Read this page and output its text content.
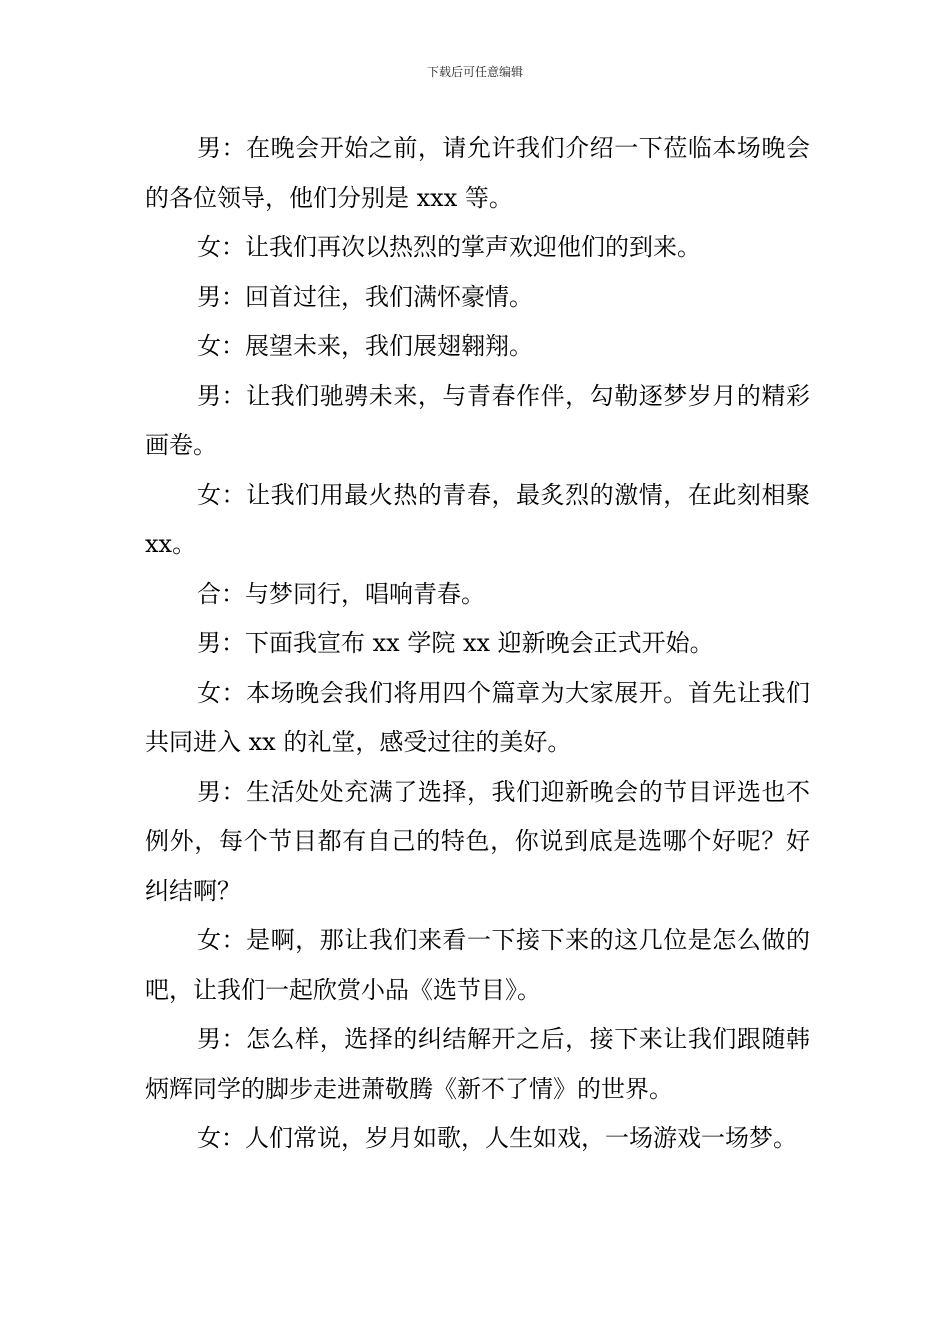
下载后可任意编辑

男：在晚会开始之前，请允许我们介绍一下莅临本场晚会的各位领导，他们分别是 xxx 等。

女：让我们再次以热烈的掌声欢迎他们的到来。

男：回首过往，我们满怀豪情。

女：展望未来，我们展翅翱翔。

男：让我们驰骋未来，与青春作伴，勾勒逐梦岁月的精彩画卷。

女：让我们用最火热的青春，最炙烈的激情，在此刻相聚 xx。

合：与梦同行，唱响青春。

男：下面我宣布 xx 学院 xx 迎新晚会正式开始。

女：本场晚会我们将用四个篇章为大家展开。首先让我们共同进入 xx 的礼堂，感受过往的美好。

男：生活处处充满了选择，我们迎新晚会的节目评选也不例外，每个节目都有自己的特色，你说到底是选哪个好呢？好纠结啊？

女：是啊，那让我们来看一下接下来的这几位是怎么做的吧，让我们一起欣赏小品《选节目》。

男：怎么样，选择的纠结解开之后，接下来让我们跟随韩炳辉同学的脚步走进萧敬腾《新不了情》的世界。

女：人们常说，岁月如歌，人生如戏，一场游戏一场梦。
